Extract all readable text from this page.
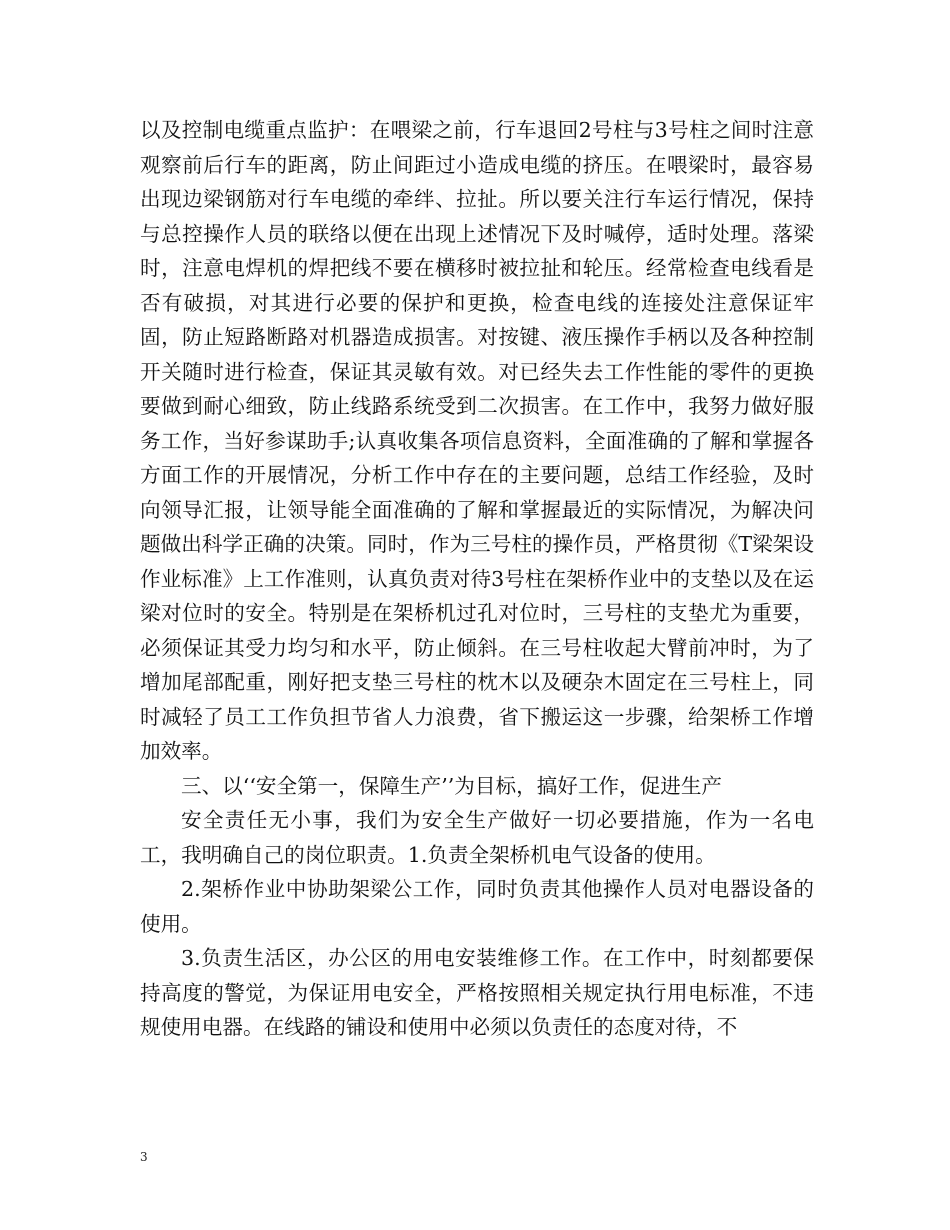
以及控制电缆重点监护：在喂梁之前，行车退回2号柱与3号柱之间时注意观察前后行车的距离，防止间距过小造成电缆的挤压。在喂梁时，最容易出现边梁钢筋对行车电缆的牵绊、拉扯。所以要关注行车运行情况，保持与总控操作人员的联络以便在出现上述情况下及时喊停，适时处理。落梁时，注意电焊机的焊把线不要在横移时被拉扯和轮压。经常检查电线看是否有破损，对其进行必要的保护和更换，检查电线的连接处注意保证牢固，防止短路断路对机器造成损害。对按键、液压操作手柄以及各种控制开关随时进行检查，保证其灵敏有效。对已经失去工作性能的零件的更换要做到耐心细致，防止线路系统受到二次损害。在工作中，我努力做好服务工作，当好参谋助手;认真收集各项信息资料，全面准确的了解和掌握各方面工作的开展情况，分析工作中存在的主要问题，总结工作经验，及时向领导汇报，让领导能全面准确的了解和掌握最近的实际情况，为解决问题做出科学正确的决策。同时，作为三号柱的操作员，严格贯彻《T梁架设作业标准》上工作准则，认真负责对待3号柱在架桥作业中的支垫以及在运梁对位时的安全。特别是在架桥机过孔对位时，三号柱的支垫尤为重要，必须保证其受力均匀和水平，防止倾斜。在三号柱收起大臂前冲时，为了增加尾部配重，刚好把支垫三号柱的枕木以及硬杂木固定在三号柱上，同时减轻了员工工作负担节省人力浪费，省下搬运这一步骤，给架桥工作增加效率。

三、以‘‘安全第一，保障生产’’为目标，搞好工作，促进生产

安全责任无小事，我们为安全生产做好一切必要措施，作为一名电工，我明确自己的岗位职责。1.负责全架桥机电气设备的使用。

2.架桥作业中协助架梁公工作，同时负责其他操作人员对电器设备的使用。

3.负责生活区，办公区的用电安装维修工作。在工作中，时刻都要保持高度的警觉，为保证用电安全，严格按照相关规定执行用电标准，不违规使用电器。在线路的铺设和使用中必须以负责任的态度对待，不

3
